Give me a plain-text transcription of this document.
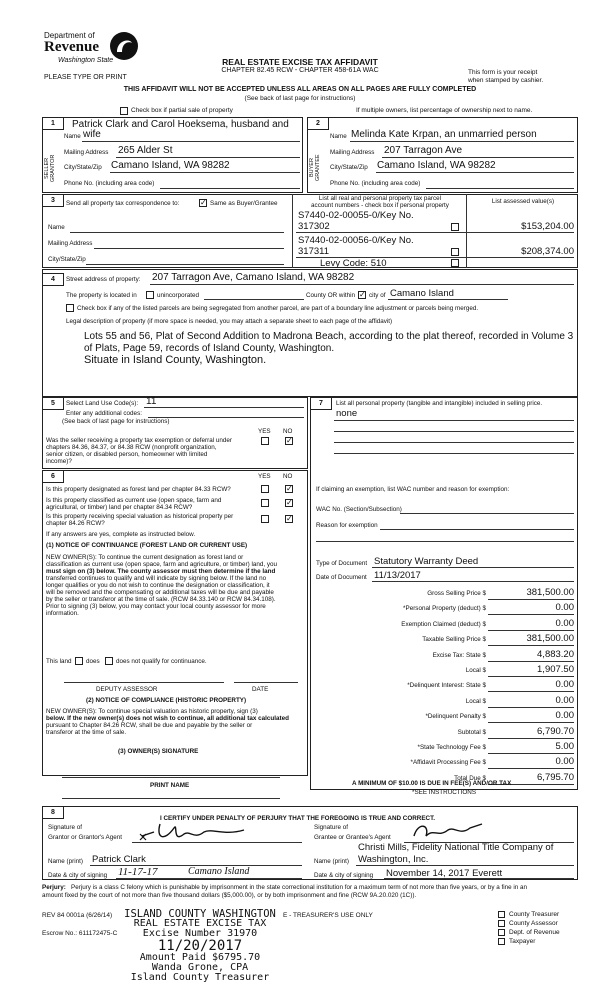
Department of
Revenue
Washington State
PLEASE TYPE OR PRINT
REAL ESTATE EXCISE TAX AFFIDAVIT
CHAPTER 82.45 RCW - CHAPTER 458-61A WAC	This form is your receipt
when stamped by cashier.
THIS AFFIDAVIT WILL NOT BE ACCEPTED UNLESS ALL AREAS ON ALL PAGES ARE FULLY COMPLETED
(See back of last page for instructions)
Check box if partial sale of property	If multiple owners, list percentage of ownership next to name.
1	2
SELLER GRANTOR	BUYER GRANTEE
Patrick Clark and Carol Hoeksema, husband and
Name wife
Mailing Address 265 Alder St
City/State/Zip Camano Island, WA 98282
Phone No. (including area code)
Name Melinda Kate Krpan, an unmarried person
Mailing Address 207 Tarragon Ave
City/State/Zip Camano Island, WA 98282
Phone No. (including area code)
3	Send all property tax correspondence to:	✓ Same as Buyer/Grantee
Name
Mailing Address
City/State/Zip
List all real and personal property tax parcel
account numbers - check box if personal property
List assessed value(s)
S7440-02-00055-0/Key No.
317302	$153,204.00
S7440-02-00056-0/Key No.
317311	$208,374.00
Levy Code: 510
4	Street address of property: 207 Tarragon Ave, Camano Island, WA 98282
The property is located in	unincorporated	County OR within ✓ city of Camano Island
Check box if any of the listed parcels are being segregated from another parcel, are part of a boundary line adjustment or parcels being merged.
Legal description of property (if more space is needed, you may attach a separate sheet to each page of the affidavit)
Lots 55 and 56, Plat of Second Addition to Madrona Beach, according to the plat thereof, recorded in Volume 3
of Plats, Page 59, records of Island County, Washington.
Situate in Island County, Washington.
5	Select Land Use Code(s): 11
Enter any additional codes:
(See back of last page for instructions)
YES NO
Was the seller receiving a property tax exemption or deferral under
chapters 84.36, 84.37, or 84.38 RCW (nonprofit organization,
senior citizen, or disabled person, homeowner with limited
income)?
✓
6	YES NO
Is this property designated as forest land per chapter 84.33 RCW?	✓
Is this property classified as current use (open space, farm and
agricultural, or timber) land per chapter 84.34 RCW?
✓
Is this property receiving special valuation as historical property per
chapter 84.26 RCW?
✓
If any answers are yes, complete as instructed below.
(1) NOTICE OF CONTINUANCE (FOREST LAND OR CURRENT USE)
NEW OWNER(S): To continue the current designation as forest land or
classification as current use (open space, farm and agriculture, or timber) land, you
must sign on (3) below. The county assessor must then determine if the land
transferred continues to qualify and will indicate by signing below. If the land no
longer qualifies or you do not wish to continue the designation or classification, it
will be removed and the compensating or additional taxes will be due and payable
by the seller or transferor at the time of sale. (RCW 84.33.140 or RCW 84.34.108).
Prior to signing (3) below, you may contact your local county assessor for more
information.
This land does	does not qualify for continuance.
DEPUTY ASSESSOR	DATE
(2) NOTICE OF COMPLIANCE (HISTORIC PROPERTY)
NEW OWNER(S): To continue special valuation as historic property, sign (3)
below. If the new owner(s) does not wish to continue, all additional tax calculated
pursuant to Chapter 84.26 RCW, shall be due and payable by the seller or
transferor at the time of sale.
(3) OWNER(S) SIGNATURE
PRINT NAME
7	List all personal property (tangible and intangible) included in selling price.
none
If claiming an exemption, list WAC number and reason for exemption:
WAC No. (Section/Subsection)
Reason for exemption
Type of Document Statutory Warranty Deed
Date of Document 11/13/2017
Gross Selling Price $	381,500.00
*Personal Property (deduct) $	0.00
Exemption Claimed (deduct) $	0.00
Taxable Selling Price $	381,500.00
Excise Tax: State $	4,883.20
Local $	1,907.50
*Delinquent Interest: State $	0.00
Local $	0.00
*Delinquent Penalty $	0.00
Subtotal $	6,790.70
*State Technology Fee $	5.00
*Affidavit Processing Fee $	0.00
Total Due $	6,795.70
A MINIMUM OF $10.00 IS DUE IN FEE(S) AND/OR TAX
*SEE INSTRUCTIONS
8
I CERTIFY UNDER PENALTY OF PERJURY THAT THE FOREGOING IS TRUE AND CORRECT.
Signature of
Grantor or Grantor's Agent
Signature of
Grantee or Grantee's Agent
Christi Mills, Fidelity National Title Company of
Name (print) Patrick Clark	Name (print) Washington, Inc.
Date & city of signing 11-17-17	Camano Island	Date & city of signing November 14, 2017 Everett
Perjury: Perjury is a class C felony which is punishable by imprisonment in the state correctional institution for a maximum term of not more than five years, or by a fine in an
amount fixed by the court of not more than five thousand dollars ($5,000.00), or by both imprisonment and fine (RCW 9A.20.020 (1C)).
REV 84 0001a (6/26/14)
Escrow No.: 611172475-C
E - TREASURER'S USE ONLY	County Treasurer
County Assessor
Dept. of Revenue
Taxpayer
ISLAND COUNTY WASHINGTON
REAL ESTATE EXCISE TAX
Excise Number 31970
11/20/2017
Amount Paid $6795.70
Wanda Grone, CPA
Island County Treasurer
